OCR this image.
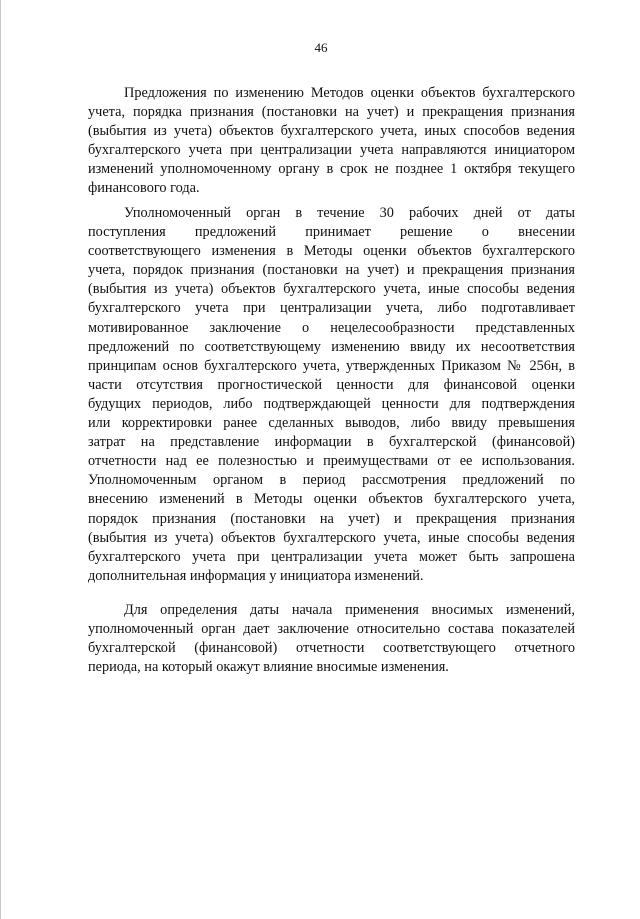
46
Предложения по изменению Методов оценки объектов бухгалтерского
учета, порядка признания (постановки на учет) и прекращения признания
(выбытия из учета) объектов бухгалтерского учета, иных способов ведения
бухгалтерского учета при централизации учета направляются инициатором
изменений уполномоченному органу в срок не позднее 1 октября текущего
финансового года.
Уполномоченный орган в течение 30 рабочих дней от даты
поступления предложений принимает решение о внесении
соответствующего изменения в Методы оценки объектов бухгалтерского
учета, порядок признания (постановки на учет) и прекращения признания
(выбытия из учета) объектов бухгалтерского учета, иные способы ведения
бухгалтерского учета при централизации учета, либо подготавливает
мотивированное заключение о нецелесообразности представленных
предложений по соответствующему изменению ввиду их несоответствия
принципам основ бухгалтерского учета, утвержденных Приказом № 256н, в
части отсутствия прогностической ценности для финансовой оценки
будущих периодов, либо подтверждающей ценности для подтверждения
или корректировки ранее сделанных выводов, либо ввиду превышения
затрат на представление информации в бухгалтерской (финансовой)
отчетности над ее полезностью и преимуществами от ее использования.
Уполномоченным органом в период рассмотрения предложений по
внесению изменений в Методы оценки объектов бухгалтерского учета,
порядок признания (постановки на учет) и прекращения признания
(выбытия из учета) объектов бухгалтерского учета, иные способы ведения
бухгалтерского учета при централизации учета может быть запрошена
дополнительная информация у инициатора изменений.
Для определения даты начала применения вносимых изменений,
уполномоченный орган дает заключение относительно состава показателей
бухгалтерской (финансовой) отчетности соответствующего отчетного
периода, на который окажут влияние вносимые изменения.
